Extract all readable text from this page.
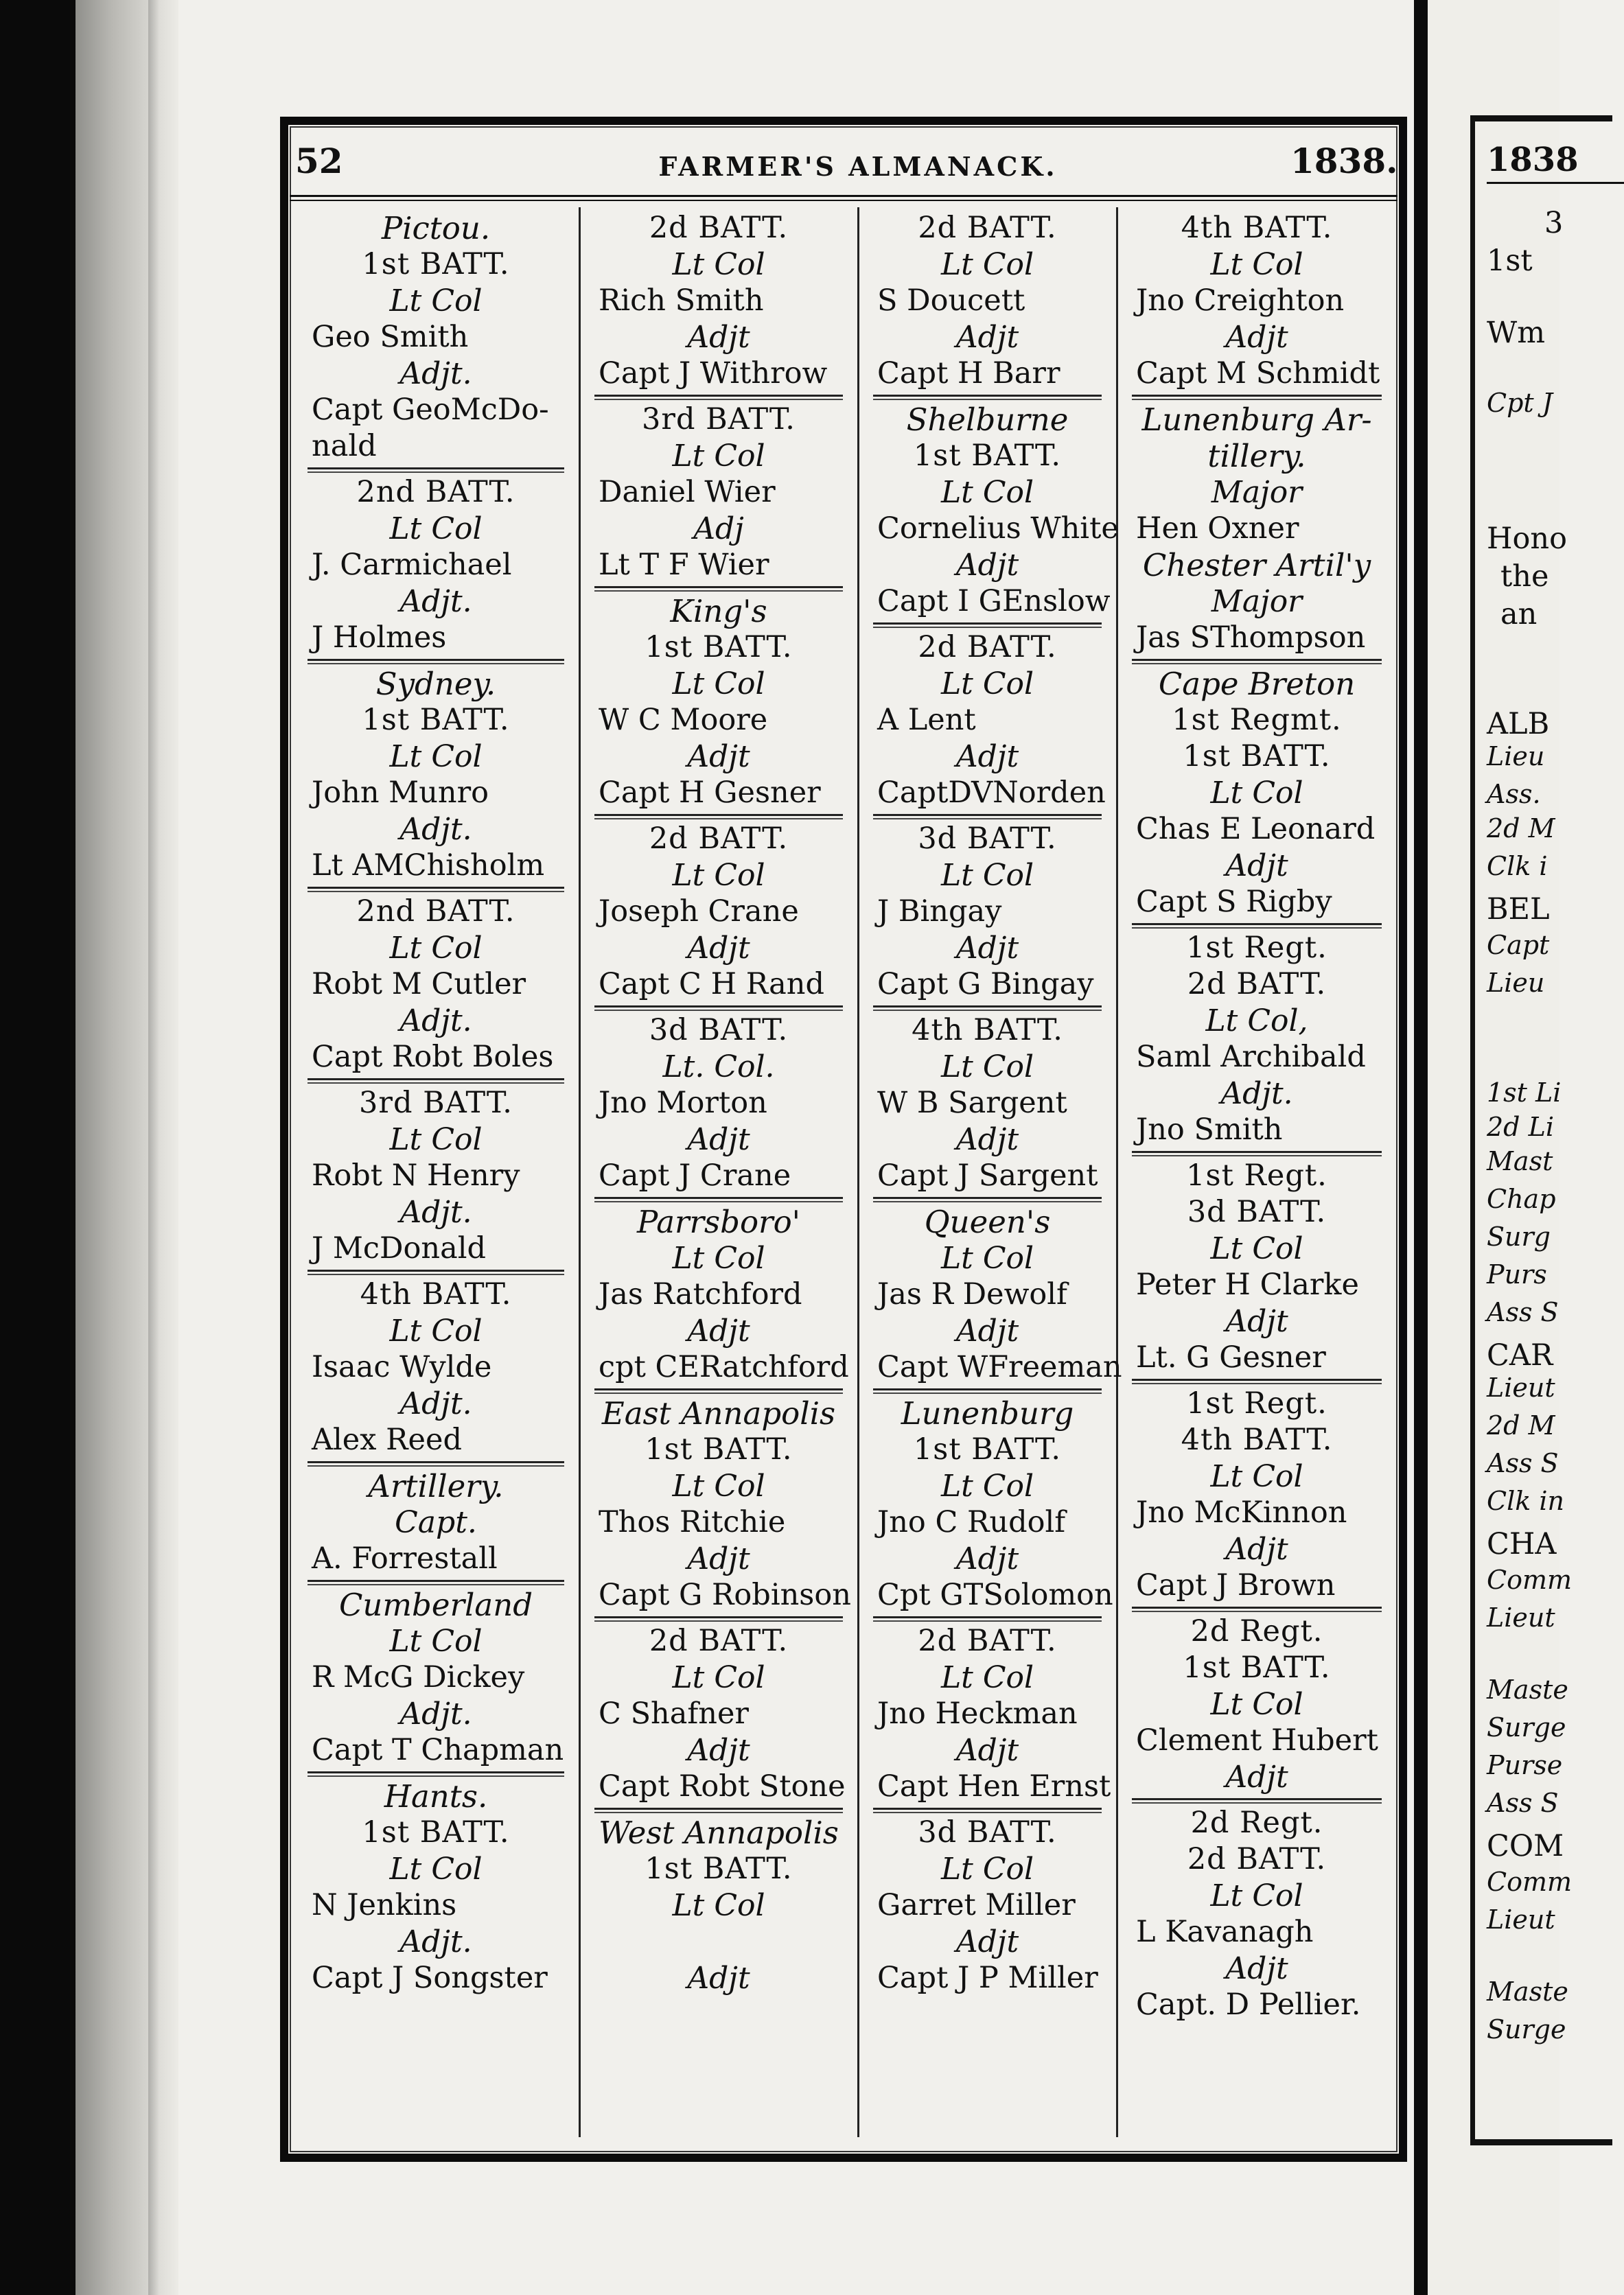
1838
3
1st
Wm
Cpt J
Hono
the
an
ALB
Lieu
Ass.
2d M
Clk i
BEL
Capt
Lieu
1st Li
2d Li
Mast
Chap
Surg
Purs
Ass S
CAR
Lieut
2d M
Ass S
Clk in
CHA
Comm
Lieut
Maste
Surge
Purse
Ass S
COM
Comm
Lieut
Maste
Surge
52	FARMER'S ALMANACK.	1838.
Pictou.
1st BATT.
Lt Col
Geo Smith
Adjt.
Capt GeoMcDo-
nald
2nd BATT.
Lt Col
J. Carmichael
Adjt.
J Holmes
Sydney.
1st BATT.
Lt Col
John Munro
Adjt.
Lt AMChisholm
2nd BATT.
Lt Col
Robt M Cutler
Adjt.
Capt Robt Boles
3rd BATT.
Lt Col
Robt N Henry
Adjt.
J McDonald
4th BATT.
Lt Col
Isaac Wylde
Adjt.
Alex Reed
Artillery.
Capt.
A. Forrestall
Cumberland
Lt Col
R McG Dickey
Adjt.
Capt T Chapman
Hants.
1st BATT.
Lt Col
N Jenkins
Adjt.
Capt J Songster
2d BATT.
Lt Col
Rich Smith
Adjt
Capt J Withrow
3rd BATT.
Lt Col
Daniel Wier
Adj
Lt T F Wier
King's
1st BATT.
Lt Col
W C Moore
Adjt
Capt H Gesner
2d BATT.
Lt Col
Joseph Crane
Adjt
Capt C H Rand
3d BATT.
Lt. Col.
Jno Morton
Adjt
Capt J Crane
Parrsboro'
Lt Col
Jas Ratchford
Adjt
cpt CERatchford
East Annapolis
1st BATT.
Lt Col
Thos Ritchie
Adjt
Capt G Robinson
2d BATT.
Lt Col
C Shafner
Adjt
Capt Robt Stone
West Annapolis
1st BATT.
Lt Col
Adjt
2d BATT.
Lt Col
S Doucett
Adjt
Capt H Barr
Shelburne
1st BATT.
Lt Col
Cornelius White
Adjt
Capt I GEnslow
2d BATT.
Lt Col
A Lent
Adjt
CaptDVNorden
3d BATT.
Lt Col
J Bingay
Adjt
Capt G Bingay
4th BATT.
Lt Col
W B Sargent
Adjt
Capt J Sargent
Queen's
Lt Col
Jas R Dewolf
Adjt
Capt WFreeman
Lunenburg
1st BATT.
Lt Col
Jno C Rudolf
Adjt
Cpt GTSolomon
2d BATT.
Lt Col
Jno Heckman
Adjt
Capt Hen Ernst
3d BATT.
Lt Col
Garret Miller
Adjt
Capt J P Miller
4th BATT.
Lt Col
Jno Creighton
Adjt
Capt M Schmidt
Lunenburg Ar-
tillery.
Major
Hen Oxner
Chester Artil'y
Major
Jas SThompson
Cape Breton
1st Regmt.
1st BATT.
Lt Col
Chas E Leonard
Adjt
Capt S Rigby
1st Regt.
2d BATT.
Lt Col,
Saml Archibald
Adjt.
Jno Smith
1st Regt.
3d BATT.
Lt Col
Peter H Clarke
Adjt
Lt. G Gesner
1st Regt.
4th BATT.
Lt Col
Jno McKinnon
Adjt
Capt J Brown
2d Regt.
1st BATT.
Lt Col
Clement Hubert
Adjt
2d Regt.
2d BATT.
Lt Col
L Kavanagh
Adjt
Capt. D Pellier.
